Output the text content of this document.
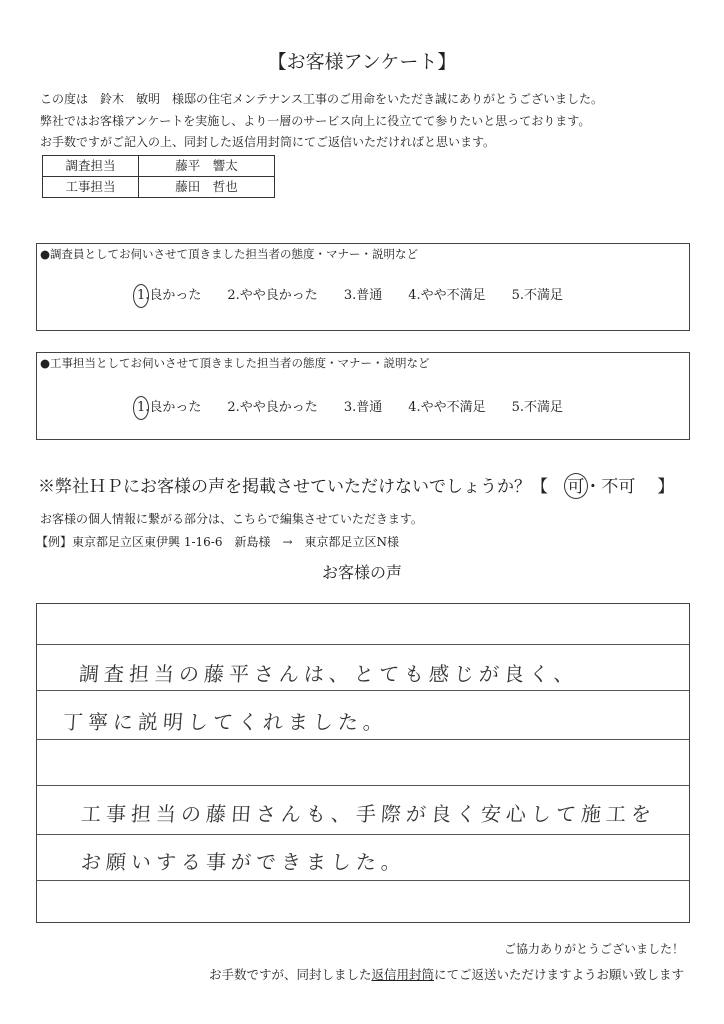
【お客様アンケート】
この度は　鈴木　敏明　様邸の住宅メンテナンス工事のご用命をいただき誠にありがとうございました。
弊社ではお客様アンケートを実施し、より一層のサービス向上に役立てて参りたいと思っております。
お手数ですがご記入の上、同封した返信用封筒にてご返信いただければと思います。
調査担当	藤平　響太
工事担当	藤田　哲也
●調査員としてお伺いさせて頂きました担当者の態度・マナー・説明など
1.良かった 2.やや良かった 3.普通 4.やや不満足 5.不満足
●工事担当としてお伺いさせて頂きました担当者の態度・マナー・説明など
1.良かった 2.やや良かった 3.普通 4.やや不満足 5.不満足
※弊社ＨＰにお客様の声を掲載させていただけないでしょうか？【 可・不可 】
お客様の個人情報に繋がる部分は、こちらで編集させていただきます。
【例】東京都足立区東伊興 1-16-6　新島様　→　東京都足立区N様
お客様の声
調査担当の藤平さんは、とても感じが良く、
丁寧に説明してくれました。
工事担当の藤田さんも、手際が良く安心して施工を
お願いする事ができました。
ご協力ありがとうございました！
お手数ですが、同封しました返信用封筒にてご返送いただけますようお願い致します
